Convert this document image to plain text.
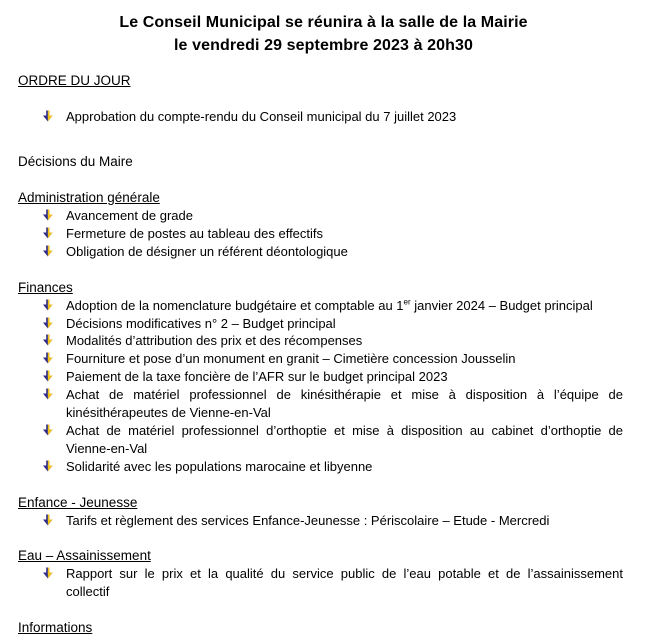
Le Conseil Municipal se réunira à la salle de la Mairie
le vendredi 29 septembre 2023 à 20h30
ORDRE DU JOUR
Approbation du compte-rendu du Conseil municipal du 7 juillet 2023
Décisions du Maire
Administration générale
Avancement de grade
Fermeture de postes au tableau des effectifs
Obligation de désigner un référent déontologique
Finances
Adoption de la nomenclature budgétaire et comptable au 1er janvier 2024 – Budget principal
Décisions modificatives n° 2 – Budget principal
Modalités d’attribution des prix et des récompenses
Fourniture et pose d’un monument en granit – Cimetière concession Jousselin
Paiement de la taxe foncière de l’AFR sur le budget principal 2023
Achat de matériel professionnel de kinésithérapie et mise à disposition à l’équipe de
kinésithérapeutes de Vienne-en-Val
Achat de matériel professionnel d’orthoptie et mise à disposition au cabinet d’orthoptie de
Vienne-en-Val
Solidarité avec les populations marocaine et libyenne
Enfance - Jeunesse
Tarifs et règlement des services Enfance-Jeunesse : Périscolaire – Etude - Mercredi
Eau – Assainissement
Rapport sur le prix et la qualité du service public de l’eau potable et de l’assainissement
collectif
Informations
